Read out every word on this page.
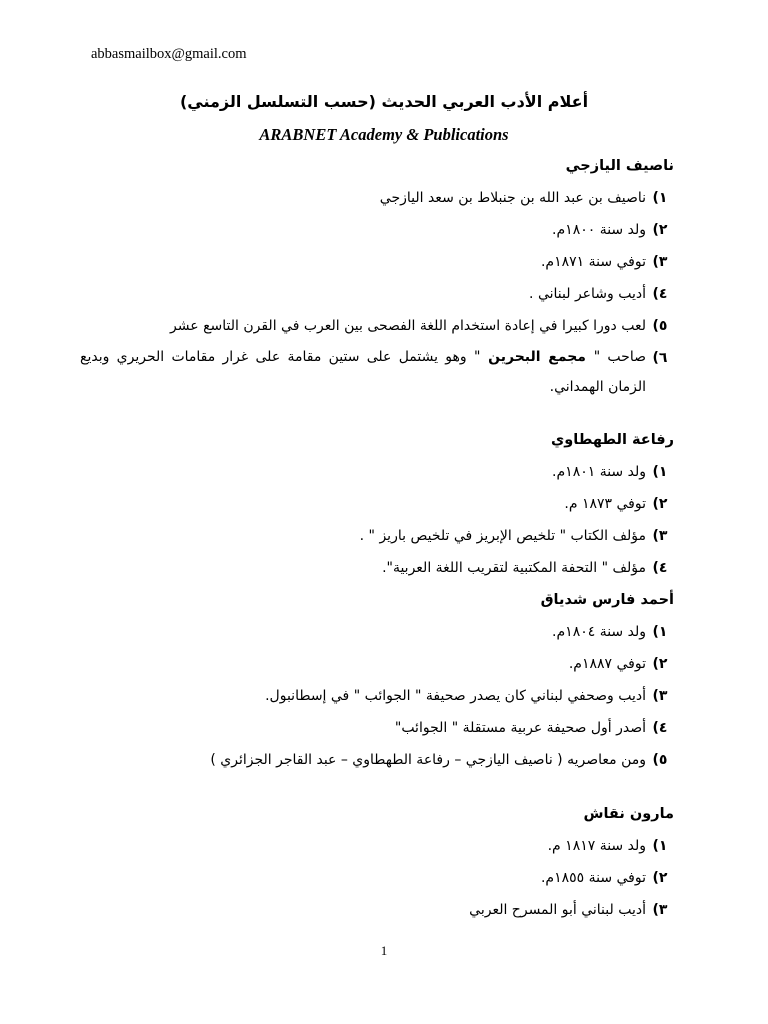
abbasmailbox@gmail.com
أعلام الأدب العربي الحديث (حسب التسلسل الزمني)
ARABNET Academy & Publications
ناصيف اليازجي
١)
ناصيف بن عبد الله بن جنبلاط بن سعد اليازجي
٢)
ولد سنة ١٨٠٠م.
٣)
توفي سنة ١٨٧١م.
٤)
أديب وشاعر لبناني .
٥)
لعب دورا كبيرا في إعادة استخدام اللغة الفصحى بين العرب في القرن التاسع عشر
٦)
صاحب " مجمع البحرين " وهو يشتمل على ستين مقامة على غرار مقامات الحريري وبديع الزمان الهمداني.
رفاعة الطهطاوي
١)
ولد سنة ١٨٠١م.
٢)
توفي ١٨٧٣ م.
٣)
مؤلف الكتاب " تلخيص الإبريز في تلخيص باريز " .
٤)
مؤلف " التحفة المكتبية لتقريب اللغة العربية".
أحمد فارس شدياق
١)
ولد سنة ١٨٠٤م.
٢)
توفي ١٨٨٧م.
٣)
أديب وصحفي لبناني كان يصدر صحيفة " الجوائب " في إسطانبول.
٤)
أصدر أول صحيفة عربية مستقلة " الجوائب"
٥)
ومن معاصريه ( ناصيف اليازجي – رفاعة الطهطاوي – عبد القاجر الجزائري )
مارون نقاش
١)
ولد سنة ١٨١٧ م.
٢)
توفي سنة ١٨٥٥م.
٣)
أديب لبناني أبو المسرح العربي
1
